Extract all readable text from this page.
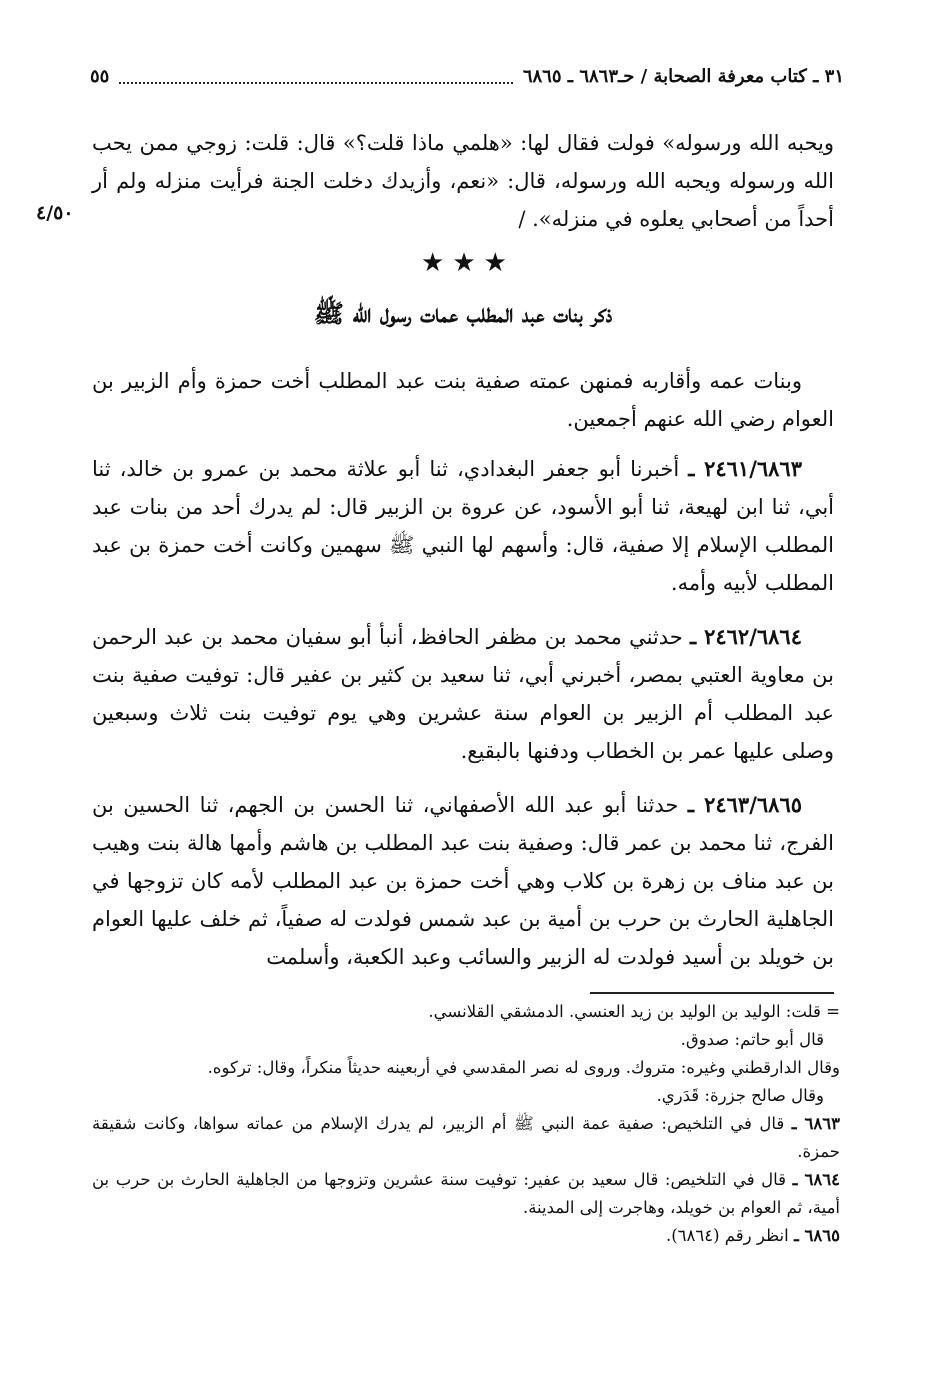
٣١ ـ كتاب معرفة الصحابة / حـ٦٨٦٣ ـ ٦٨٦٥
٥٥
٤/٥٠

ويحبه الله ورسوله» فولت فقال لها: «هلمي ماذا قلت؟» قال: قلت: زوجي ممن يحب الله ورسوله ويحبه الله ورسوله، قال: «نعم، وأزيدك دخلت الجنة فرأيت منزله ولم أر أحداً من أصحابي يعلوه في منزله». /

★★★
ذكر بنات عبد المطلب عمات رسول الله ﷺ

وبنات عمه وأقاربه فمنهن عمته صفية بنت عبد المطلب أخت حمزة وأم الزبير بن العوام رضي الله عنهم أجمعين.

٢٤٦١/٦٨٦٣ ـ أخبرنا أبو جعفر البغدادي، ثنا أبو علاثة محمد بن عمرو بن خالد، ثنا أبي، ثنا ابن لهيعة، ثنا أبو الأسود، عن عروة بن الزبير قال: لم يدرك أحد من بنات عبد المطلب الإسلام إلا صفية، قال: وأسهم لها النبي ﷺ سهمين وكانت أخت حمزة بن عبد المطلب لأبيه وأمه.

٢٤٦٢/٦٨٦٤ ـ حدثني محمد بن مظفر الحافظ، أنبأ أبو سفيان محمد بن عبد الرحمن بن معاوية العتبي بمصر، أخبرني أبي، ثنا سعيد بن كثير بن عفير قال: توفيت صفية بنت عبد المطلب أم الزبير بن العوام سنة عشرين وهي يوم توفيت بنت ثلاث وسبعين وصلى عليها عمر بن الخطاب ودفنها بالبقيع.

٢٤٦٣/٦٨٦٥ ـ حدثنا أبو عبد الله الأصفهاني، ثنا الحسن بن الجهم، ثنا الحسين بن الفرج، ثنا محمد بن عمر قال: وصفية بنت عبد المطلب بن هاشم وأمها هالة بنت وهيب بن عبد مناف بن زهرة بن كلاب وهي أخت حمزة بن عبد المطلب لأمه كان تزوجها في الجاهلية الحارث بن حرب بن أمية بن عبد شمس فولدت له صفياً، ثم خلف عليها العوام بن خويلد بن أسيد فولدت له الزبير والسائب وعبد الكعبة، وأسلمت

= قلت: الوليد بن الوليد بن زيد العنسي. الدمشقي القلانسي.

قال أبو حاتم: صدوق.

وقال الدارقطني وغيره: متروك. وروى له نصر المقدسي في أربعينه حديثاً منكراً، وقال: تركوه.

وقال صالح جزرة: قَدَري.

٦٨٦٣ ـ قال في التلخيص: صفية عمة النبي ﷺ أم الزبير، لم يدرك الإسلام من عماته سواها، وكانت شقيقة حمزة.

٦٨٦٤ ـ قال في التلخيص: قال سعيد بن عفير: توفيت سنة عشرين وتزوجها من الجاهلية الحارث بن حرب بن أمية، ثم العوام بن خويلد، وهاجرت إلى المدينة.

٦٨٦٥ ـ انظر رقم (٦٨٦٤).
